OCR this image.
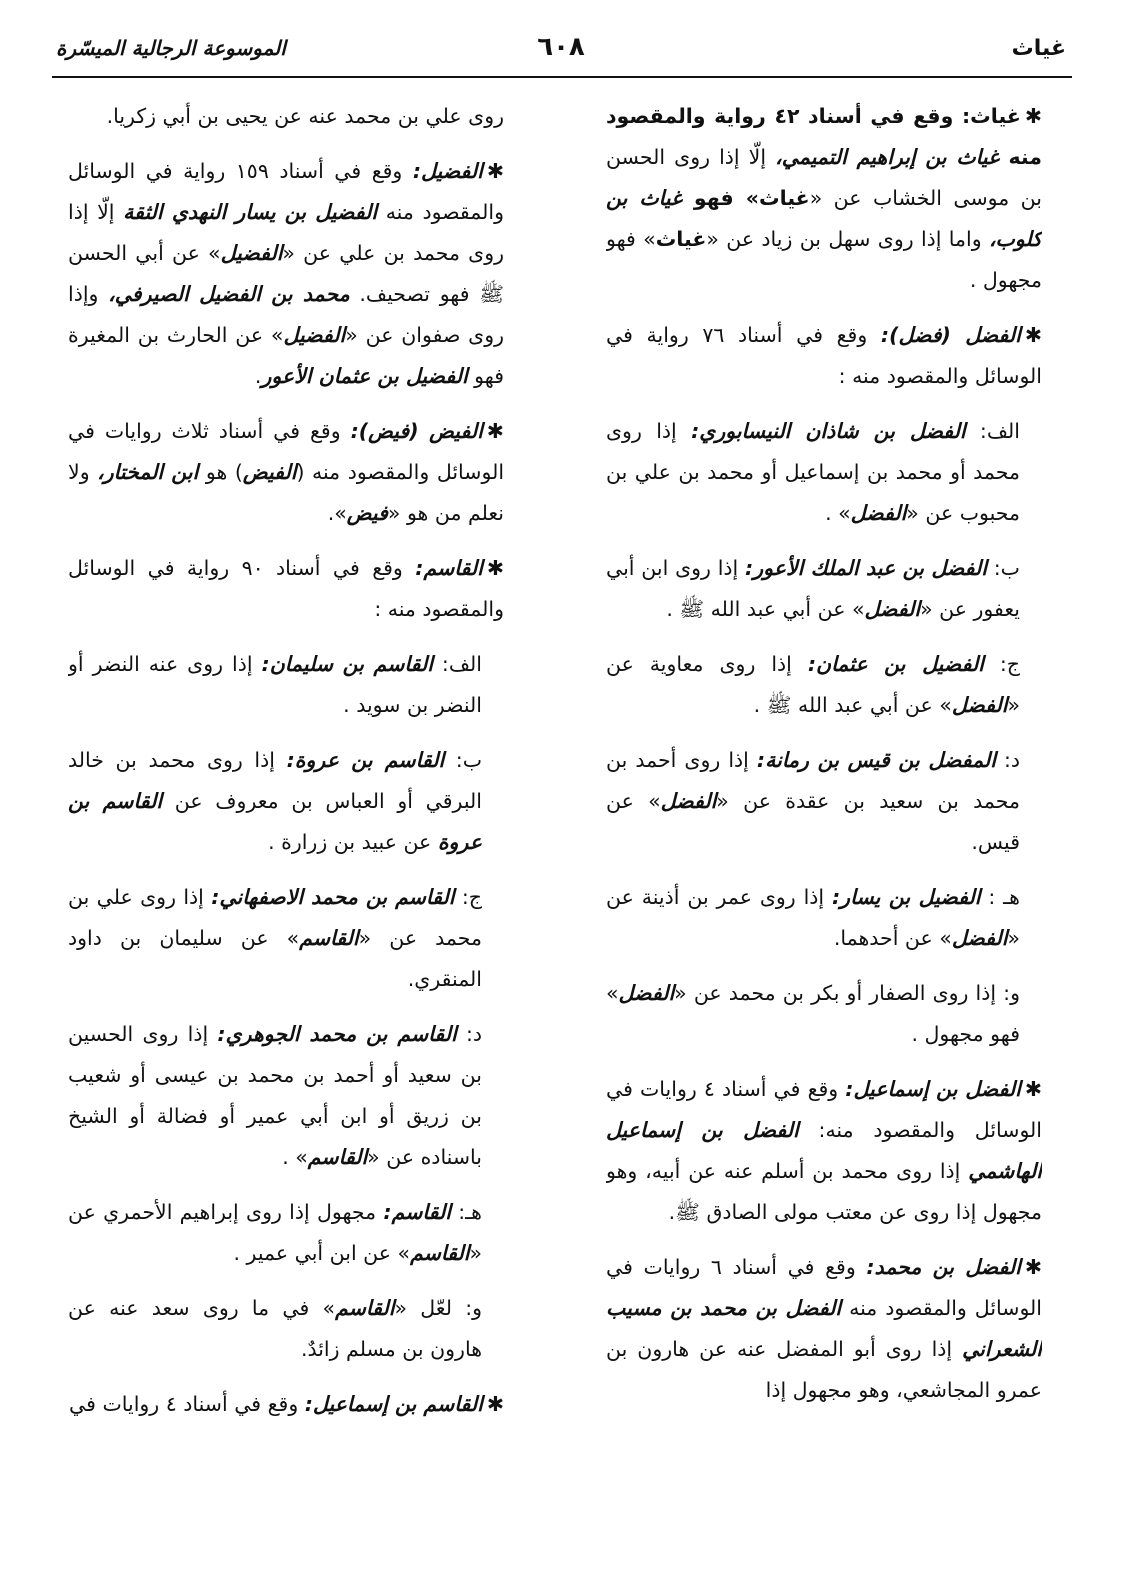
غياث
٦٠٨
الموسوعة الرجالية الميسّرة
✱غياث: وقع في أسناد ٤٢ رواية والمقصود منه غياث بن إبراهيم التميمي، إلّا إذا روى الحسن بن موسى الخشاب عن «غياث» فهو غياث بن كلوب، واما إذا روى سهل بن زياد عن «غياث» فهو مجهول .
✱الفضل (فضل): وقع في أسناد ٧٦ رواية في الوسائل والمقصود منه :
الف: الفضل بن شاذان النيسابوري: إذا روى محمد أو محمد بن إسماعيل أو محمد بن علي بن محبوب عن «الفضل» .
ب: الفضل بن عبد الملك الأعور: إذا روى ابن أبي يعفور عن «الفضل» عن أبي عبد الله ﷺ .
ج: الفضيل بن عثمان: إذا روى معاوية عن «الفضل» عن أبي عبد الله ﷺ .
د: المفضل بن قيس بن رمانة: إذا روى أحمد بن محمد بن سعيد بن عقدة عن «الفضل» عن قيس.
هـ : الفضيل بن يسار: إذا روى عمر بن أذينة عن «الفضل» عن أحدهما.
و: إذا روى الصفار أو بكر بن محمد عن «الفضل» فهو مجهول .
✱الفضل بن إسماعيل: وقع في أسناد ٤ روايات في الوسائل والمقصود منه: الفضل بن إسماعيل الهاشمي إذا روى محمد بن أسلم عنه عن أبيه، وهو مجهول إذا روى عن معتب مولى الصادق ﷺ.
✱الفضل بن محمد: وقع في أسناد ٦ روايات في الوسائل والمقصود منه الفضل بن محمد بن مسيب الشعراني إذا روى أبو المفضل عنه عن هارون بن عمرو المجاشعي، وهو مجهول إذا
روى علي بن محمد عنه عن يحيى بن أبي زكريا.
✱الفضيل: وقع في أسناد ١٥٩ رواية في الوسائل والمقصود منه الفضيل بن يسار النهدي الثقة إلّا إذا روى محمد بن علي عن «الفضيل» عن أبي الحسن ﷺ فهو تصحيف. محمد بن الفضيل الصيرفي، وإذا روى صفوان عن «الفضيل» عن الحارث بن المغيرة فهو الفضيل بن عثمان الأعور.
✱الفيض (فيض): وقع في أسناد ثلاث روايات في الوسائل والمقصود منه (الفيض) هو ابن المختار، ولا نعلم من هو «فيض».
✱القاسم: وقع في أسناد ٩٠ رواية في الوسائل والمقصود منه :
الف: القاسم بن سليمان: إذا روى عنه النضر أو النضر بن سويد .
ب: القاسم بن عروة: إذا روى محمد بن خالد البرقي أو العباس بن معروف عن القاسم بن عروة عن عبيد بن زرارة .
ج: القاسم بن محمد الاصفهاني: إذا روى علي بن محمد عن «القاسم» عن سليمان بن داود المنقري.
د: القاسم بن محمد الجوهري: إذا روى الحسين بن سعيد أو أحمد بن محمد بن عيسى أو شعيب بن زريق أو ابن أبي عمير أو فضالة أو الشيخ باسناده عن «القاسم» .
هـ: القاسم: مجهول إذا روى إبراهيم الأحمري عن «القاسم» عن ابن أبي عمير .
و: لعّل «القاسم» في ما روى سعد عنه عن هارون بن مسلم زائدٌ.
✱القاسم بن إسماعيل: وقع في أسناد ٤ روايات في
